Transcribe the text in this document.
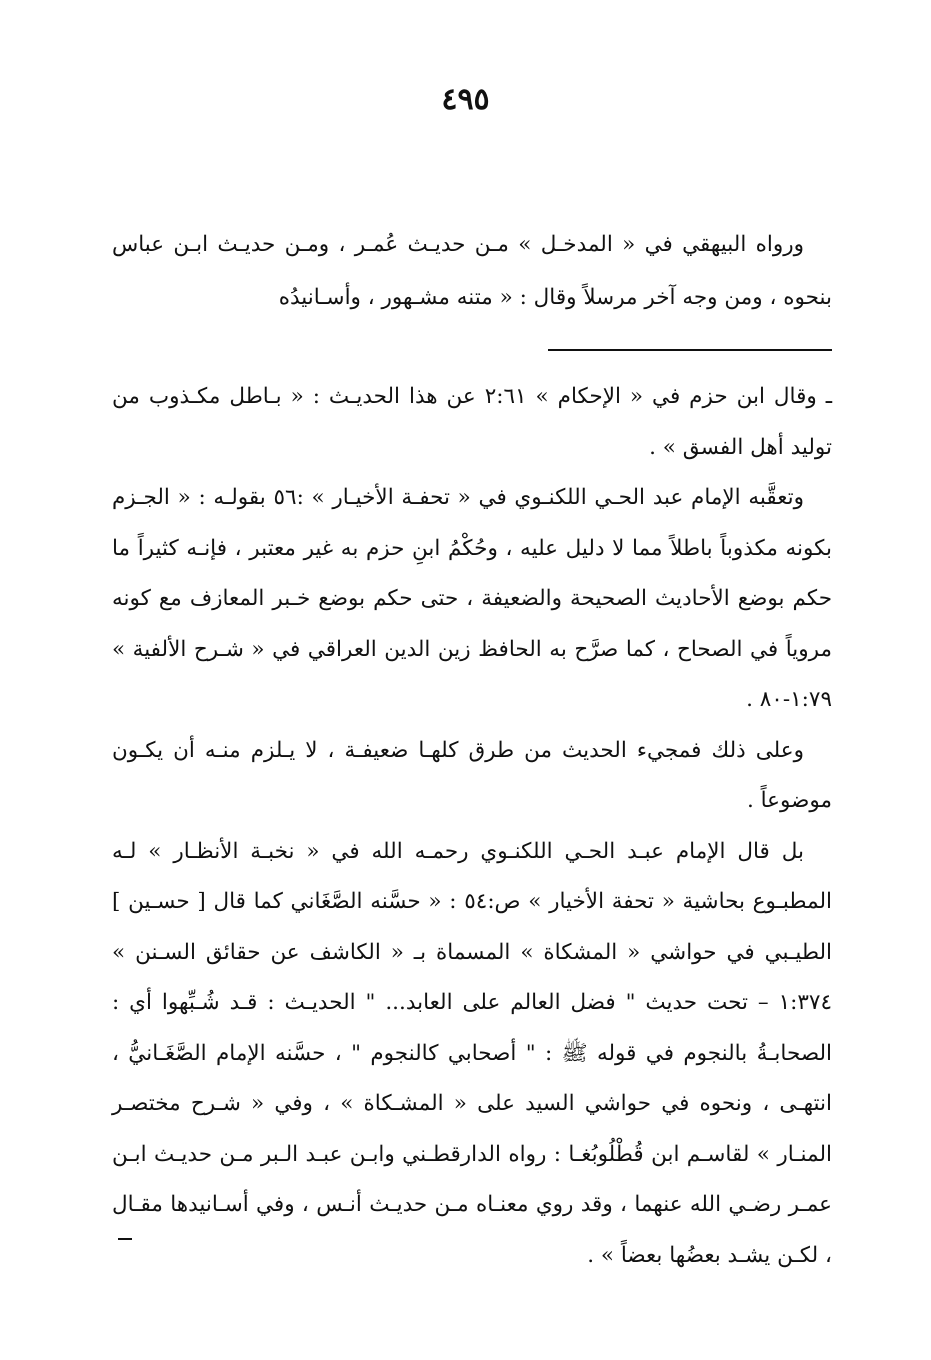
٤٩٥

ورواه البيهقي في « المدخـل » مـن حديـث عُمـر ، ومـن حديـث ابـن عباس بنحوه ، ومن وجه آخر مرسلاً وقال : « متنه مشـهور ، وأسـانيدُه

ـ وقال ابن حزم في « الإحكام » ٢:٦١ عن هذا الحديـث : « بـاطل مكـذوب من توليد أهل الفسق » .

وتعقَّبه الإمام عبد الحـي اللكنـوي في « تحفـة الأخيـار » :٥٦ بقولـه : « الجـزم بكونه مكذوباً باطلاً مما لا دليل عليه ، وحُكْمُ ابنِ حزم به غير معتبر ، فإنـه كثيراً ما حكم بوضع الأحاديث الصحيحة والضعيفة ، حتى حكم بوضع خـبر المعازف مع كونه مروياً في الصحاح ، كما صرَّح به الحافظ زين الدين العراقي في « شـرح الألفية » ١:٧٩-٨٠ .

وعلى ذلك فمجيء الحديث من طرق كلهـا ضعيفـة ، لا يـلزم منـه أن يكـون موضوعاً .

بل قال الإمام عبـد الحـي اللكنـوي رحمـه الله في « نخبـة الأنظـار » لـه المطبـوع بحاشية « تحفة الأخيار » ص:٥٤ : « حسَّنه الصَّغَاني كما قال [ حسـين ] الطيـبي في حواشي « المشكاة » المسماة بـ « الكاشف عن حقائق السـنن » ١:٣٧٤ – تحت حديث " فضل العالم على العابد... " الحديـث : قـد شُـبِّهوا أي : الصحابـةُ بالنجوم في قوله ﷺ : " أصحابي كالنجوم " ، حسَّنه الإمام الصَّغَـانيُّ ، انتهـى ، ونحوه في حواشي السيد على « المشـكاة » ، وفي « شـرح مختصـر المنـار » لقاسـم ابن قُطْلُوبُغـا : رواه الدارقطـني وابـن عبـد الـبر مـن حديـث ابـن عمـر رضـي الله عنهما ، وقد روي معنـاه مـن حديـث أنـس ، وفي أسـانيدها مقـال ، لكـن يشـد بعضُها بعضاً » .
